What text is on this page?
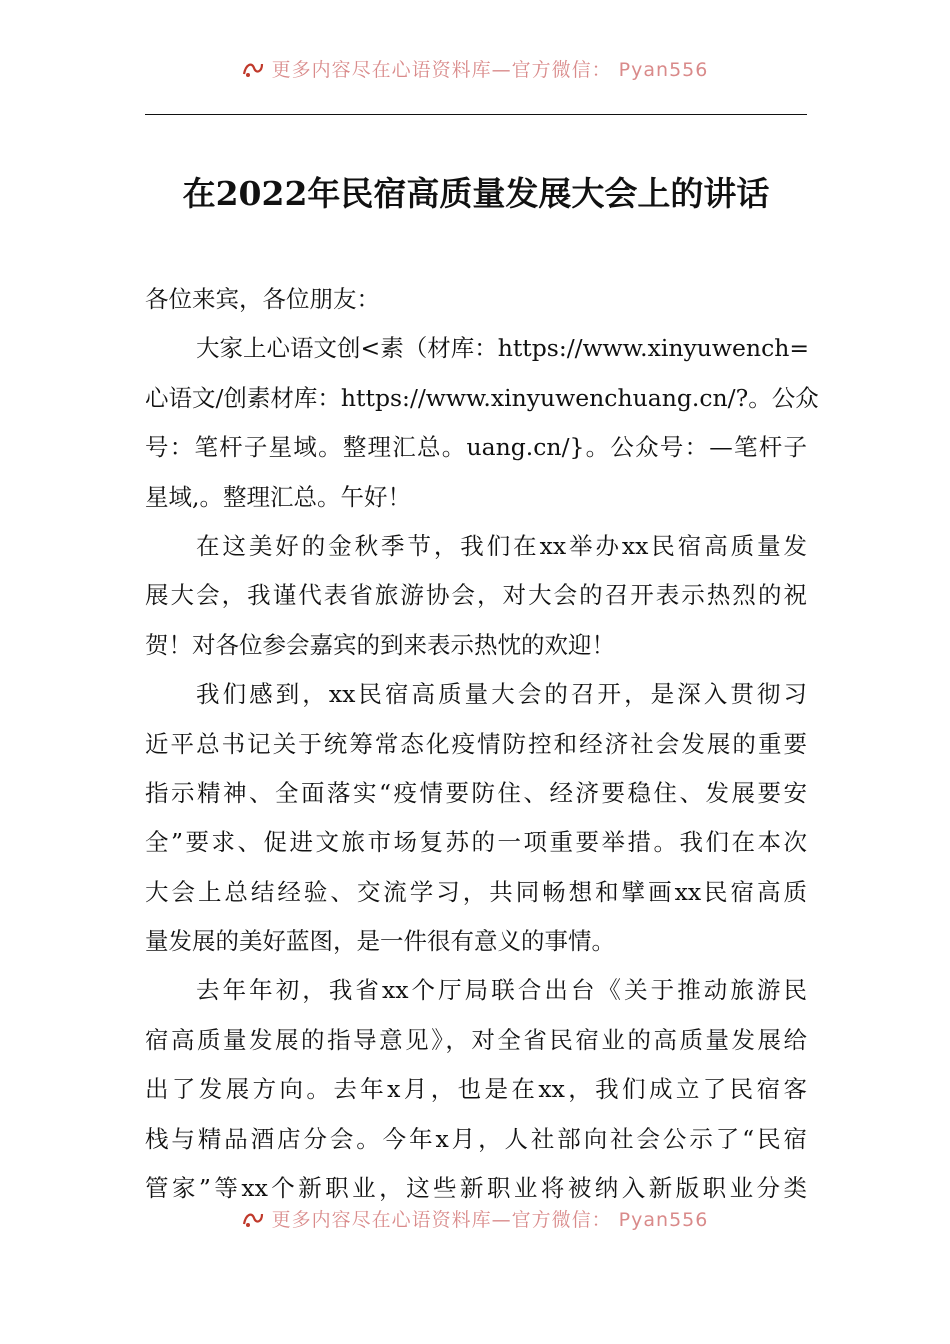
更多内容尽在心语资料库—官方微信： Pyan556
在2022年民宿高质量发展大会上的讲话
各位来宾，各位朋友：
大家上心语文创<素（材库：https://www.xinyuwench=
心语文/创素材库：https://www.xinyuwenchuang.cn/?。公众
号：笔杆子星域。整理汇总。uang.cn/}。公众号：—笔杆子
星域,。整理汇总。午好！
在这美好的金秋季节，我们在xx举办xx民宿高质量发
展大会，我谨代表省旅游协会，对大会的召开表示热烈的祝
贺！对各位参会嘉宾的到来表示热忱的欢迎！
我们感到，xx民宿高质量大会的召开，是深入贯彻习
近平总书记关于统筹常态化疫情防控和经济社会发展的重要
指示精神、全面落实“疫情要防住、经济要稳住、发展要安
全”要求、促进文旅市场复苏的一项重要举措。我们在本次
大会上总结经验、交流学习，共同畅想和擘画xx民宿高质
量发展的美好蓝图，是一件很有意义的事情。
去年年初，我省xx个厅局联合出台《关于推动旅游民
宿高质量发展的指导意见》，对全省民宿业的高质量发展给
出了发展方向。去年x月，也是在xx，我们成立了民宿客
栈与精品酒店分会。今年x月，人社部向社会公示了“民宿
管家”等xx个新职业，这些新职业将被纳入新版职业分类
更多内容尽在心语资料库—官方微信： Pyan556
